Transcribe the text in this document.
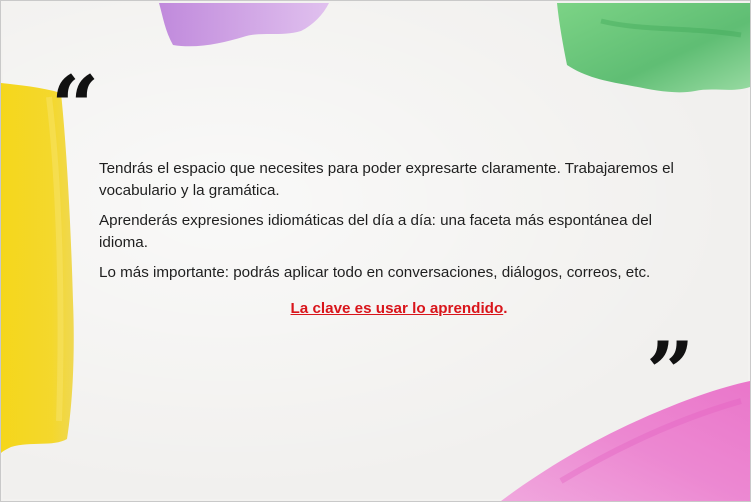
“
”

Tendrás el espacio que necesites para poder expresarte claramente. Trabajaremos el vocabulario y la gramática.

Aprenderás expresiones idiomáticas del día a día: una faceta más espontánea del idioma.

Lo más importante: podrás aplicar todo en conversaciones, diálogos, correos, etc.

La clave es usar lo aprendido.
